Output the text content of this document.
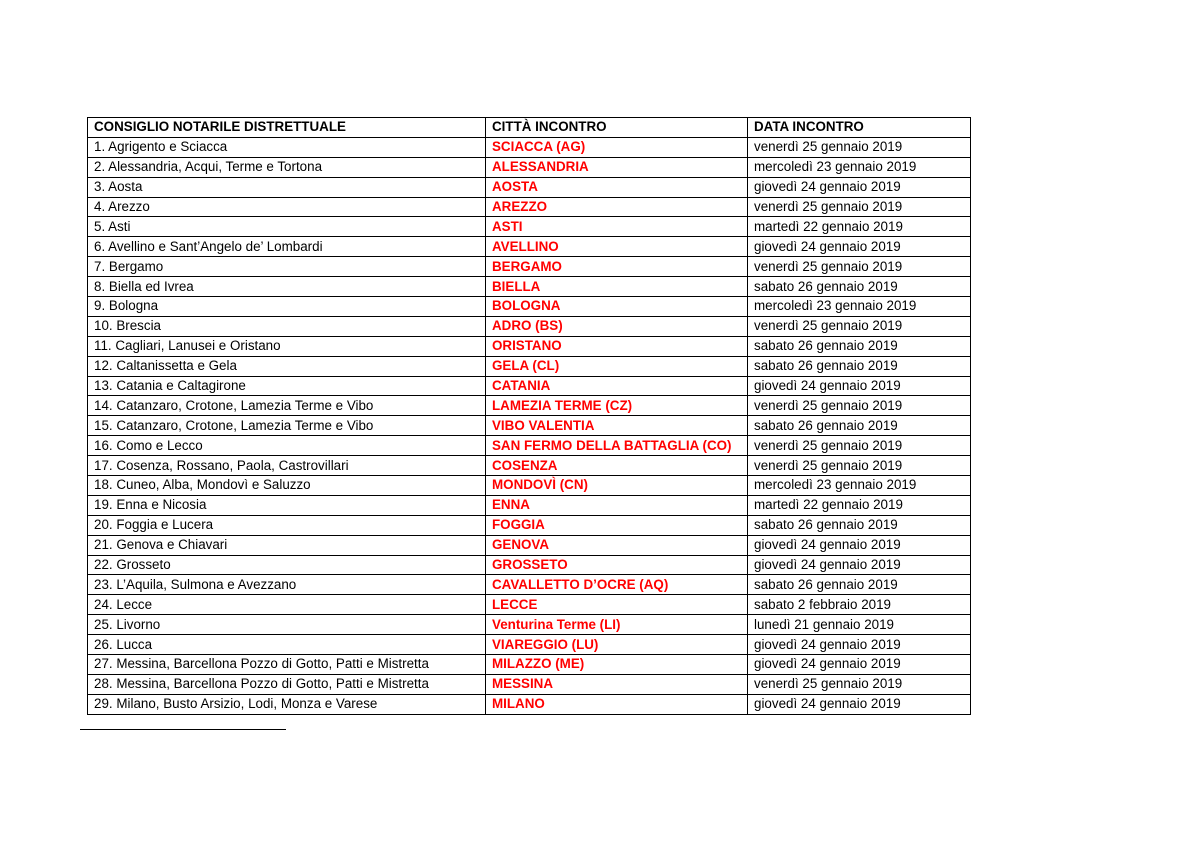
CONSIGLIO NOTARILE DISTRETTUALE	CITTÀ INCONTRO	DATA INCONTRO
1. Agrigento e Sciacca	SCIACCA (AG)	venerdì 25 gennaio 2019
2. Alessandria, Acqui, Terme e Tortona	ALESSANDRIA	mercoledì 23 gennaio 2019
3. Aosta	AOSTA	giovedì 24 gennaio 2019
4. Arezzo	AREZZO	venerdì 25 gennaio 2019
5. Asti	ASTI	martedì 22 gennaio 2019
6. Avellino e Sant’Angelo de’ Lombardi	AVELLINO	giovedì 24 gennaio 2019
7. Bergamo	BERGAMO	venerdì 25 gennaio 2019
8. Biella ed Ivrea	BIELLA	sabato 26 gennaio 2019
9. Bologna	BOLOGNA	mercoledì 23 gennaio 2019
10. Brescia	ADRO (BS)	venerdì 25 gennaio 2019
11. Cagliari, Lanusei e Oristano	ORISTANO	sabato 26 gennaio 2019
12. Caltanissetta e Gela	GELA (CL)	sabato 26 gennaio 2019
13. Catania e Caltagirone	CATANIA	giovedì 24 gennaio 2019
14. Catanzaro, Crotone, Lamezia Terme e Vibo	LAMEZIA TERME (CZ)	venerdì 25 gennaio 2019
15. Catanzaro, Crotone, Lamezia Terme e Vibo	VIBO VALENTIA	sabato 26 gennaio 2019
16. Como e Lecco	SAN FERMO DELLA BATTAGLIA (CO)	venerdì 25 gennaio 2019
17. Cosenza, Rossano, Paola, Castrovillari	COSENZA	venerdì 25 gennaio 2019
18. Cuneo, Alba, Mondovì e Saluzzo	MONDOVÌ (CN)	mercoledì 23 gennaio 2019
19. Enna e Nicosia	ENNA	martedì 22 gennaio 2019
20. Foggia e Lucera	FOGGIA	sabato 26 gennaio 2019
21. Genova e Chiavari	GENOVA	giovedì 24 gennaio 2019
22. Grosseto	GROSSETO	giovedì 24 gennaio 2019
23. L’Aquila, Sulmona e Avezzano	CAVALLETTO D’OCRE (AQ)	sabato 26 gennaio 2019
24. Lecce	LECCE	sabato 2 febbraio 2019
25. Livorno	Venturina Terme (LI)	lunedì 21 gennaio 2019
26. Lucca	VIAREGGIO (LU)	giovedì 24 gennaio 2019
27. Messina, Barcellona Pozzo di Gotto, Patti e Mistretta	MILAZZO (ME)	giovedì 24 gennaio 2019
28. Messina, Barcellona Pozzo di Gotto, Patti e Mistretta	MESSINA	venerdì 25 gennaio 2019
29. Milano, Busto Arsizio, Lodi, Monza e Varese	MILANO	giovedì 24 gennaio 2019
